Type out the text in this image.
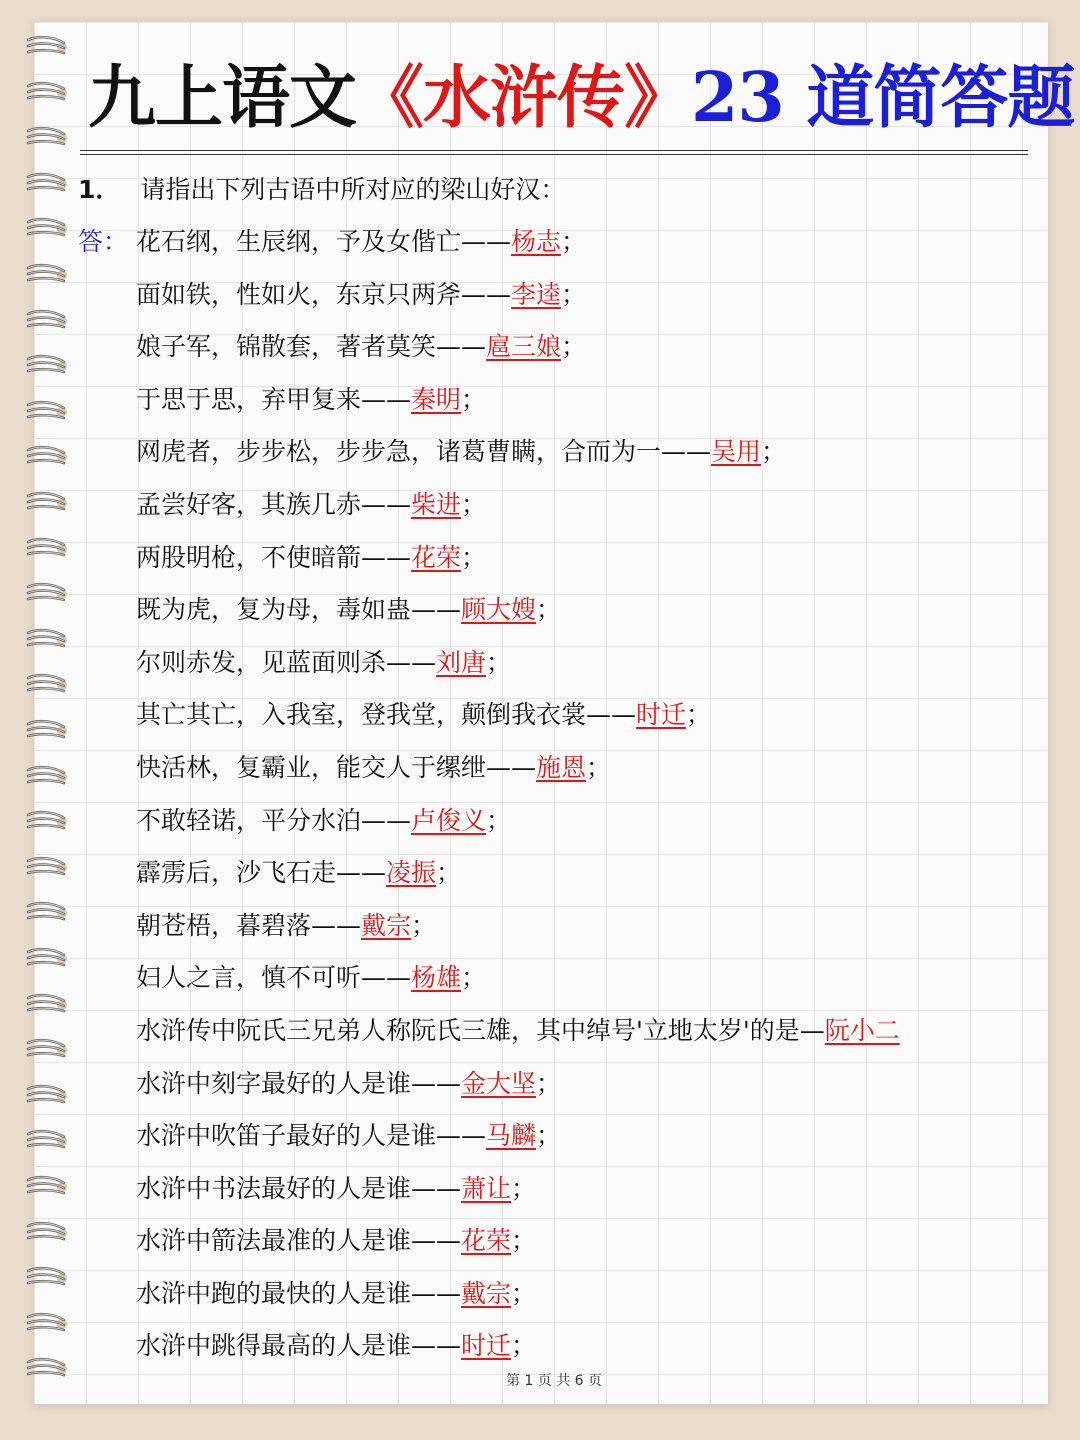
九上语文《水浒传》23 道简答题
1． 请指出下列古语中所对应的梁山好汉：
答： 花石纲，生辰纲，予及女偕亡——杨志；
面如铁，性如火，东京只两斧——李逵；
娘子军，锦散套，著者莫笑——扈三娘；
于思于思，弃甲复来——秦明；
网虎者，步步松，步步急，诸葛曹瞒，合而为一——吴用；
孟尝好客，其族几赤——柴进；
两股明枪，不使暗箭——花荣；
既为虎，复为母，毒如蛊——顾大嫂；
尔则赤发，见蓝面则杀——刘唐；
其亡其亡，入我室，登我堂，颠倒我衣裳——时迁；
快活林，复霸业，能交人于缧绁——施恩；
不敢轻诺，平分水泊——卢俊义；
霹雳后，沙飞石走——凌振；
朝苍梧，暮碧落——戴宗；
妇人之言，慎不可听——杨雄；
水浒传中阮氏三兄弟人称阮氏三雄，其中绰号'立地太岁'的是—阮小二
水浒中刻字最好的人是谁——金大坚；
水浒中吹笛子最好的人是谁——马麟；
水浒中书法最好的人是谁——萧让；
水浒中箭法最准的人是谁——花荣；
水浒中跑的最快的人是谁——戴宗；
水浒中跳得最高的人是谁——时迁；
第 1 页 共 6 页
